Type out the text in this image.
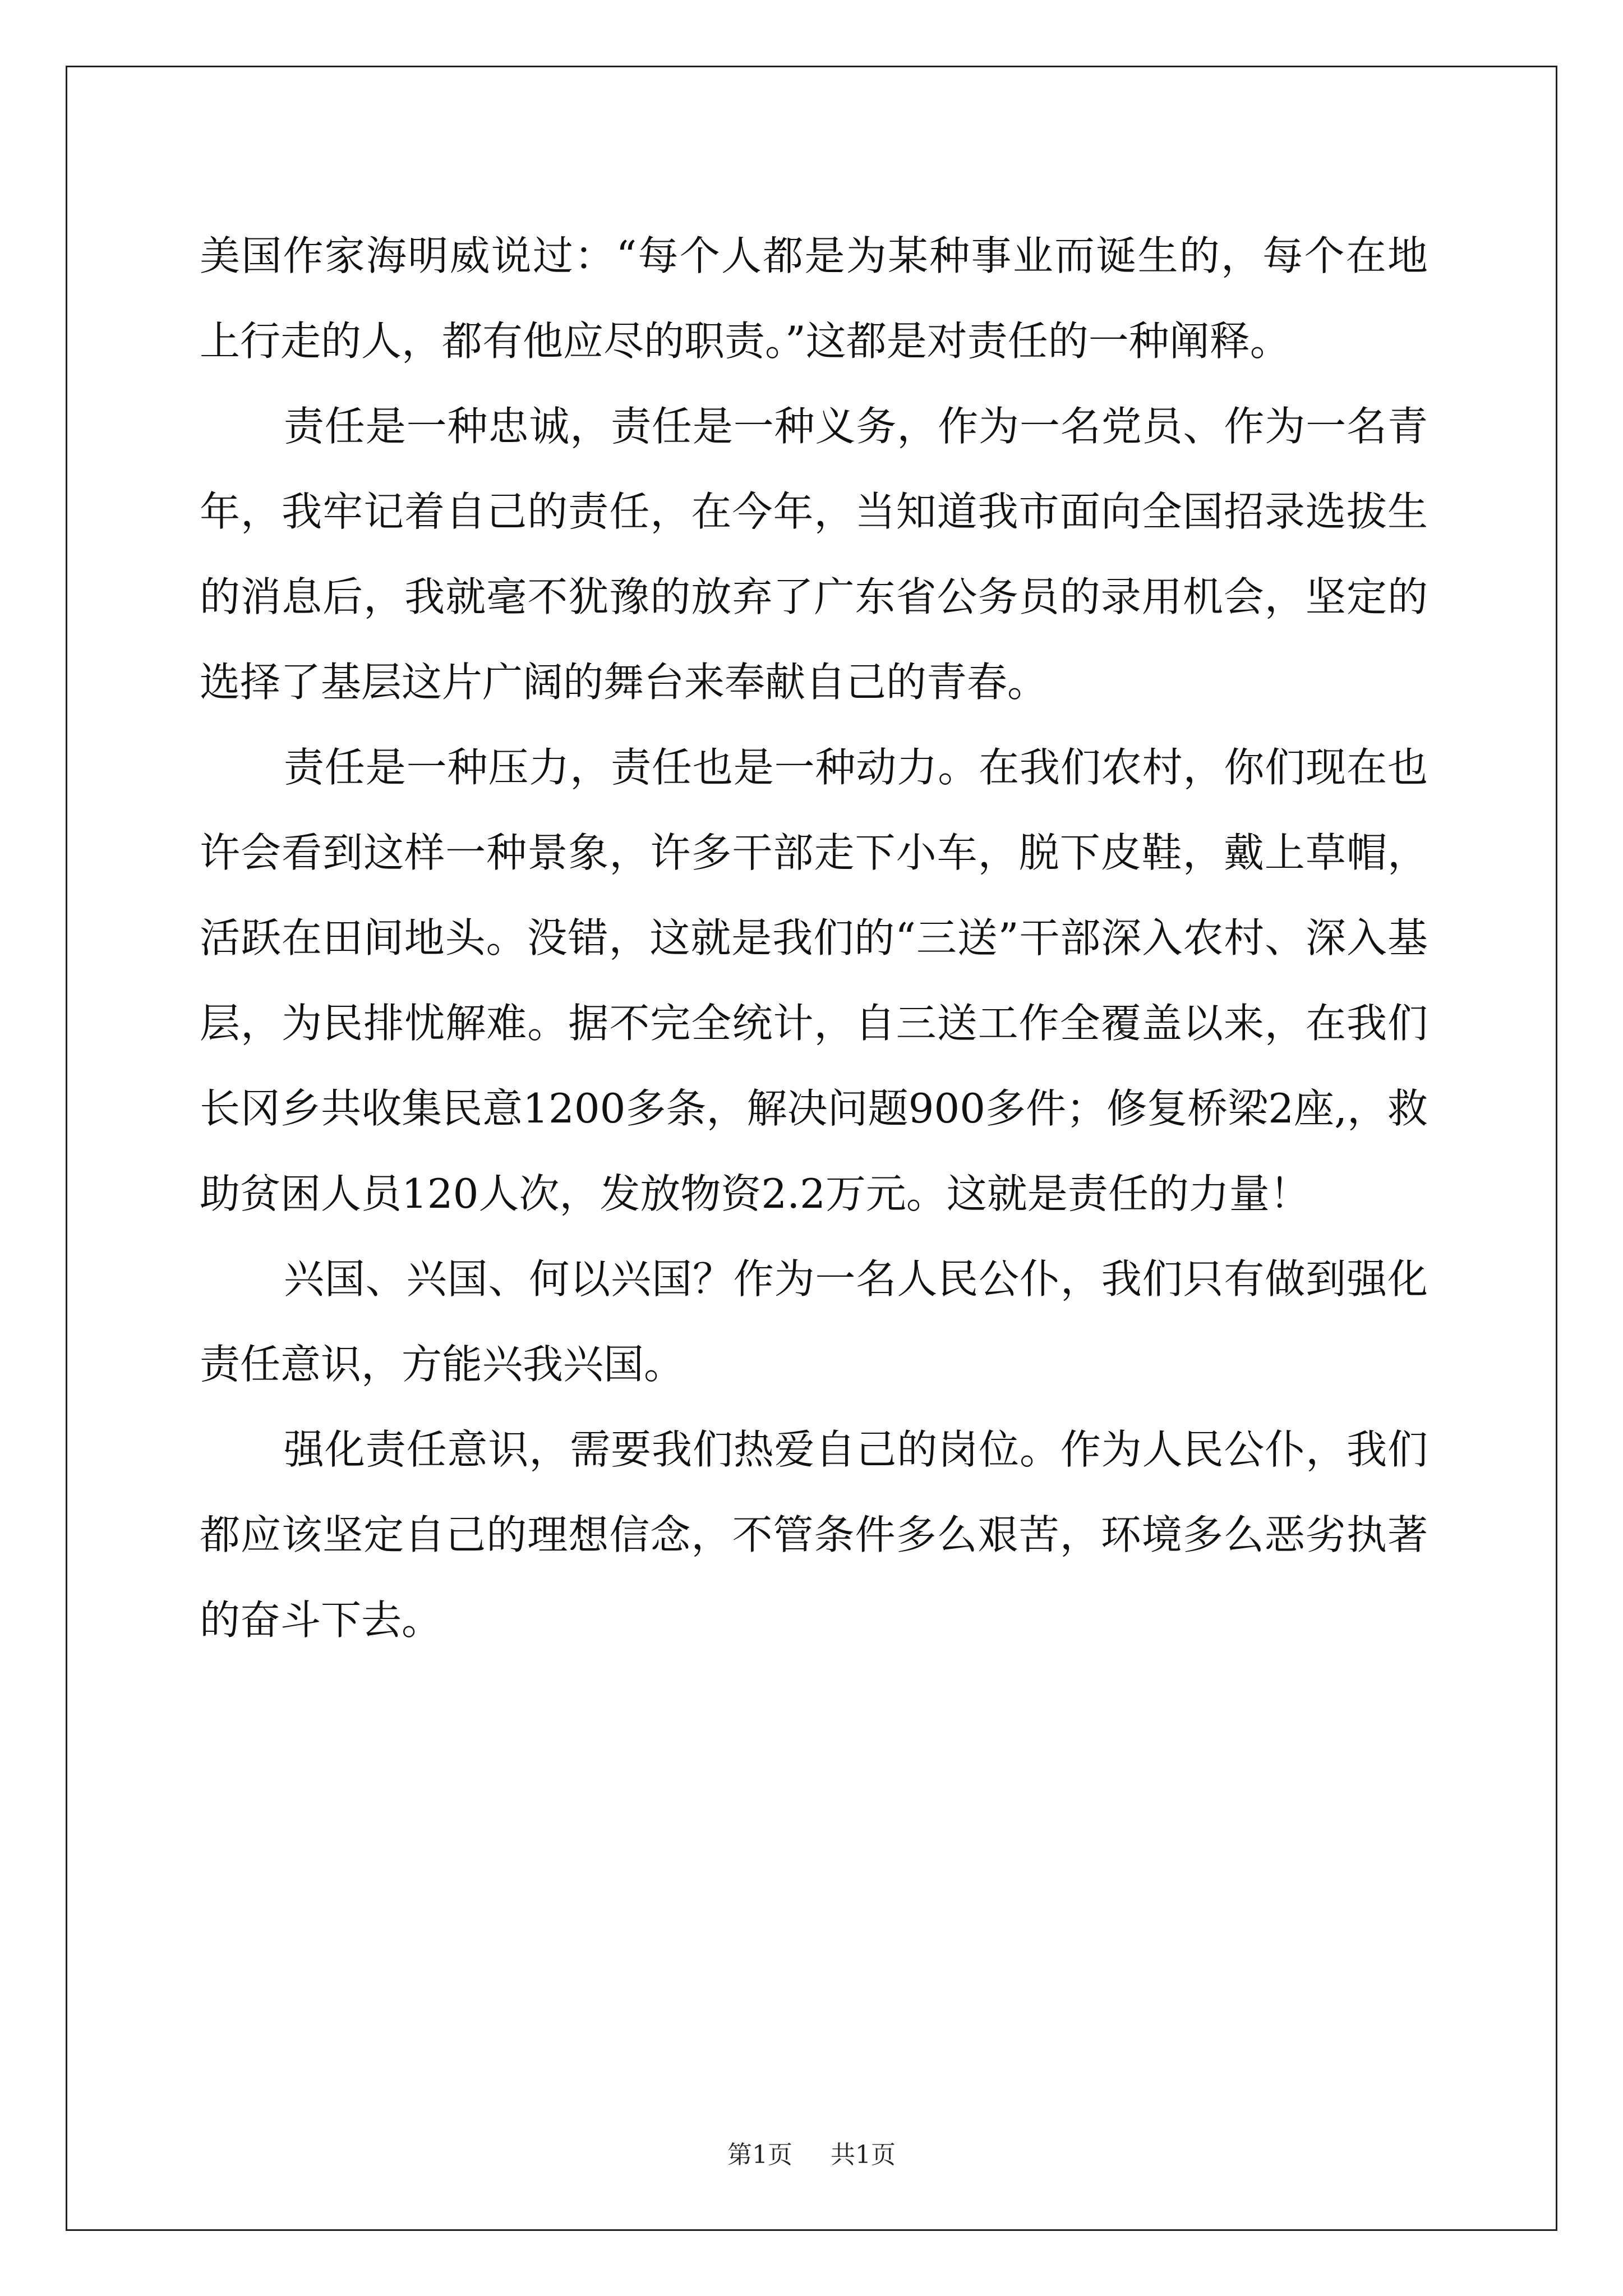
美国作家海明威说过：“每个人都是为某种事业而诞生的，每个在地上行走的人，都有他应尽的职责。”这都是对责任的一种阐释。

责任是一种忠诚，责任是一种义务，作为一名党员、作为一名青年，我牢记着自己的责任，在今年，当知道我市面向全国招录选拔生的消息后，我就毫不犹豫的放弃了广东省公务员的录用机会，坚定的选择了基层这片广阔的舞台来奉献自己的青春。

责任是一种压力，责任也是一种动力。在我们农村，你们现在也许会看到这样一种景象，许多干部走下小车，脱下皮鞋，戴上草帽，活跃在田间地头。没错，这就是我们的“三送”干部深入农村、深入基层，为民排忧解难。据不完全统计，自三送工作全覆盖以来，在我们长冈乡共收集民意1200多条，解决问题900多件；修复桥梁2座,，救助贫困人员120人次，发放物资2.2万元。这就是责任的力量！

兴国、兴国、何以兴国？作为一名人民公仆，我们只有做到强化责任意识，方能兴我兴国。

强化责任意识，需要我们热爱自己的岗位。作为人民公仆，我们都应该坚定自己的理想信念，不管条件多么艰苦，环境多么恶劣执著的奋斗下去。

第1页 共1页
